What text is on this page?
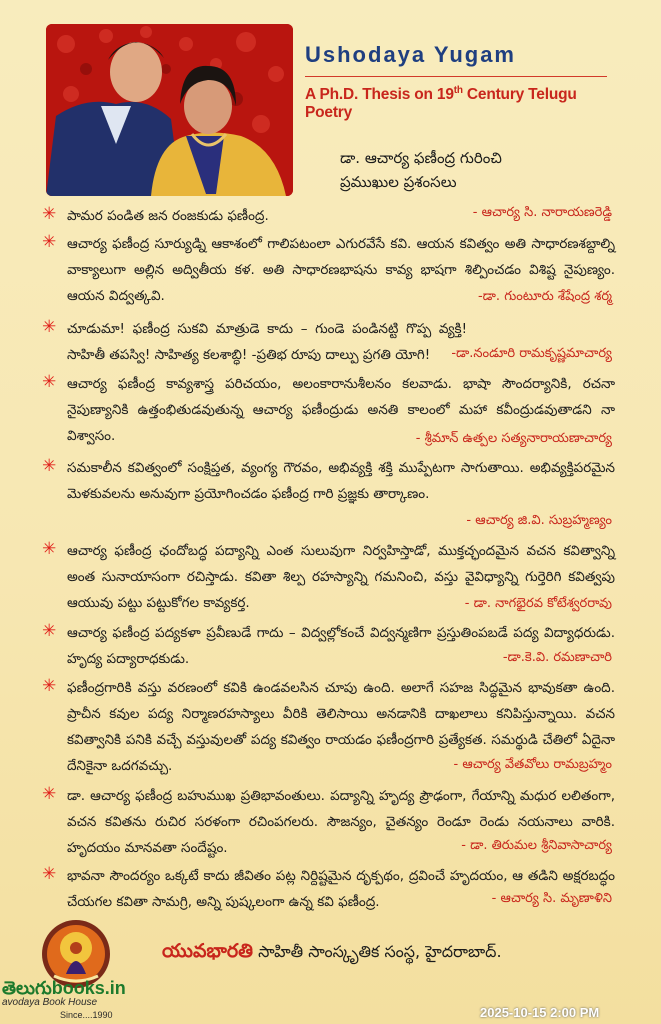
Ushodaya Yugam
A Ph.D. Thesis on 19th Century Telugu Poetry
డా. ఆచార్య ఫణీంద్ర గురించి
ప్రముఖుల ప్రశంసలు
✳ పామర పండిత జన రంజకుడు ఫణీంద్ర.	- ఆచార్య సి. నారాయణరెడ్డి
✳ ఆచార్య ఫణీంద్ర సూర్యుడ్ని ఆకాశంలో గాలిపటంలా ఎగురవేసే కవి. ఆయన కవిత్వం అతి సాధారణశబ్దాల్ని వాక్యాలుగా అల్లిన అద్వితీయ కళ. అతి సాధారణభాషను కావ్య భాషగా శిల్పించడం విశిష్ట నైపుణ్యం. ఆయన విద్వత్కవి.	-డా. గుంటూరు శేషేంద్ర శర్మ
✳ చూడుమా! ఫణీంద్ర సుకవి మాత్రుడె కాదు – గుండె పండినట్టి గొప్ప వ్యక్తి! సాహితీ తపస్వి! సాహిత్య కలశాబ్ధి! -ప్రతిభ రూపు దాల్పు ప్రగతి యోగి!	-డా.నండూరి రామకృష్ణమాచార్య
✳ ఆచార్య ఫణీంద్ర కావ్యశాస్త్ర పరిచయం, అలంకారానుశీలనం కలవాడు. భాషా సౌందర్యానికి, రచనా నైపుణ్యానికి ఉత్తంభితుడవుతున్న ఆచార్య ఫణీంద్రుడు అనతి కాలంలో మహా కవీంద్రుడవుతాడని నా విశ్వాసం.	- శ్రీమాన్ ఉత్పల సత్యనారాయణాచార్య
✳ సమకాలీన కవిత్వంలో సంక్షిప్తత, వ్యంగ్య గౌరవం, అభివ్యక్తి శక్తి ముప్పేటగా సాగుతాయి. అభివ్యక్తిపరమైన మెళకువలను అనువుగా ప్రయోగించడం ఫణీంద్ర గారి ప్రజ్ఞకు తార్కాణం.
- ఆచార్య జి.వి. సుబ్రహ్మణ్యం
✳ ఆచార్య ఫణీంద్ర ఛందోబద్ధ పద్యాన్ని ఎంత సులువుగా నిర్వహిస్తాడో, ముక్తచ్ఛందమైన వచన కవిత్వాన్ని అంత సునాయాసంగా రచిస్తాడు. కవితా శిల్ప రహస్యాన్ని గమనించి, వస్తు వైవిధ్యాన్ని గుర్తెరిగి కవిత్వపు ఆయువు పట్టు పట్టుకోగల కావ్యకర్త.	- డా. నాగభైరవ కోటేశ్వరరావు
✳ ఆచార్య ఫణీంద్ర పద్యకళా ప్రవీణుడే గాదు – విద్వల్లోకంచే విద్వన్మణిగా ప్రస్తుతింపబడే పద్య విద్యాధరుడు. హృద్య పద్యారాధకుడు.	-డా.కె.వి. రమణాచారి
✳ ఫణీంద్రగారికి వస్తు వరణంలో కవికి ఉండవలసిన చూపు ఉంది. అలాగే సహజ సిద్ధమైన భావుకతా ఉంది. ప్రాచీన కవుల పద్య నిర్మాణరహస్యాలు వీరికి తెలిసాయి అనడానికి దాఖలాలు కనిపిస్తున్నాయి. వచన కవిత్వానికి పనికి వచ్చే వస్తువులతో పద్య కవిత్వం రాయడం ఫణీంద్రగారి ప్రత్యేకత. సమర్థుడి చేతిలో ఏదైనా దేనికైనా ఒదగవచ్చు.	- ఆచార్య వేతవోలు రామబ్రహ్మం
✳ డా. ఆచార్య ఫణీంద్ర బహుముఖ ప్రతిభావంతులు. పద్యాన్ని హృద్య ప్రౌఢంగా, గేయాన్ని మధుర లలితంగా, వచన కవితను రుచిర సరళంగా రచింపగలరు. సౌజన్యం, చైతన్యం రెండూ రెండు నయనాలు వారికి. హృదయం మానవతా సందేష్టం.	- డా. తిరుమల శ్రీనివాసాచార్య
✳ భావనా సౌందర్యం ఒక్కటే కాదు జీవితం పట్ల నిర్దిష్టమైన దృక్పథం, ద్రవించే హృదయం, ఆ తడిని అక్షరబద్ధం చేయగల కవితా సామగ్రి, అన్ని పుష్కలంగా ఉన్న కవి ఫణీంద్ర.	- ఆచార్య సి. మృణాళిని
యువభారతి సాహితీ సాంస్కృతిక సంస్థ, హైదరాబాద్.
తెలుగుbooks.in
avodaya Book House
Since....1990	2025-10-15 2:00 PM
